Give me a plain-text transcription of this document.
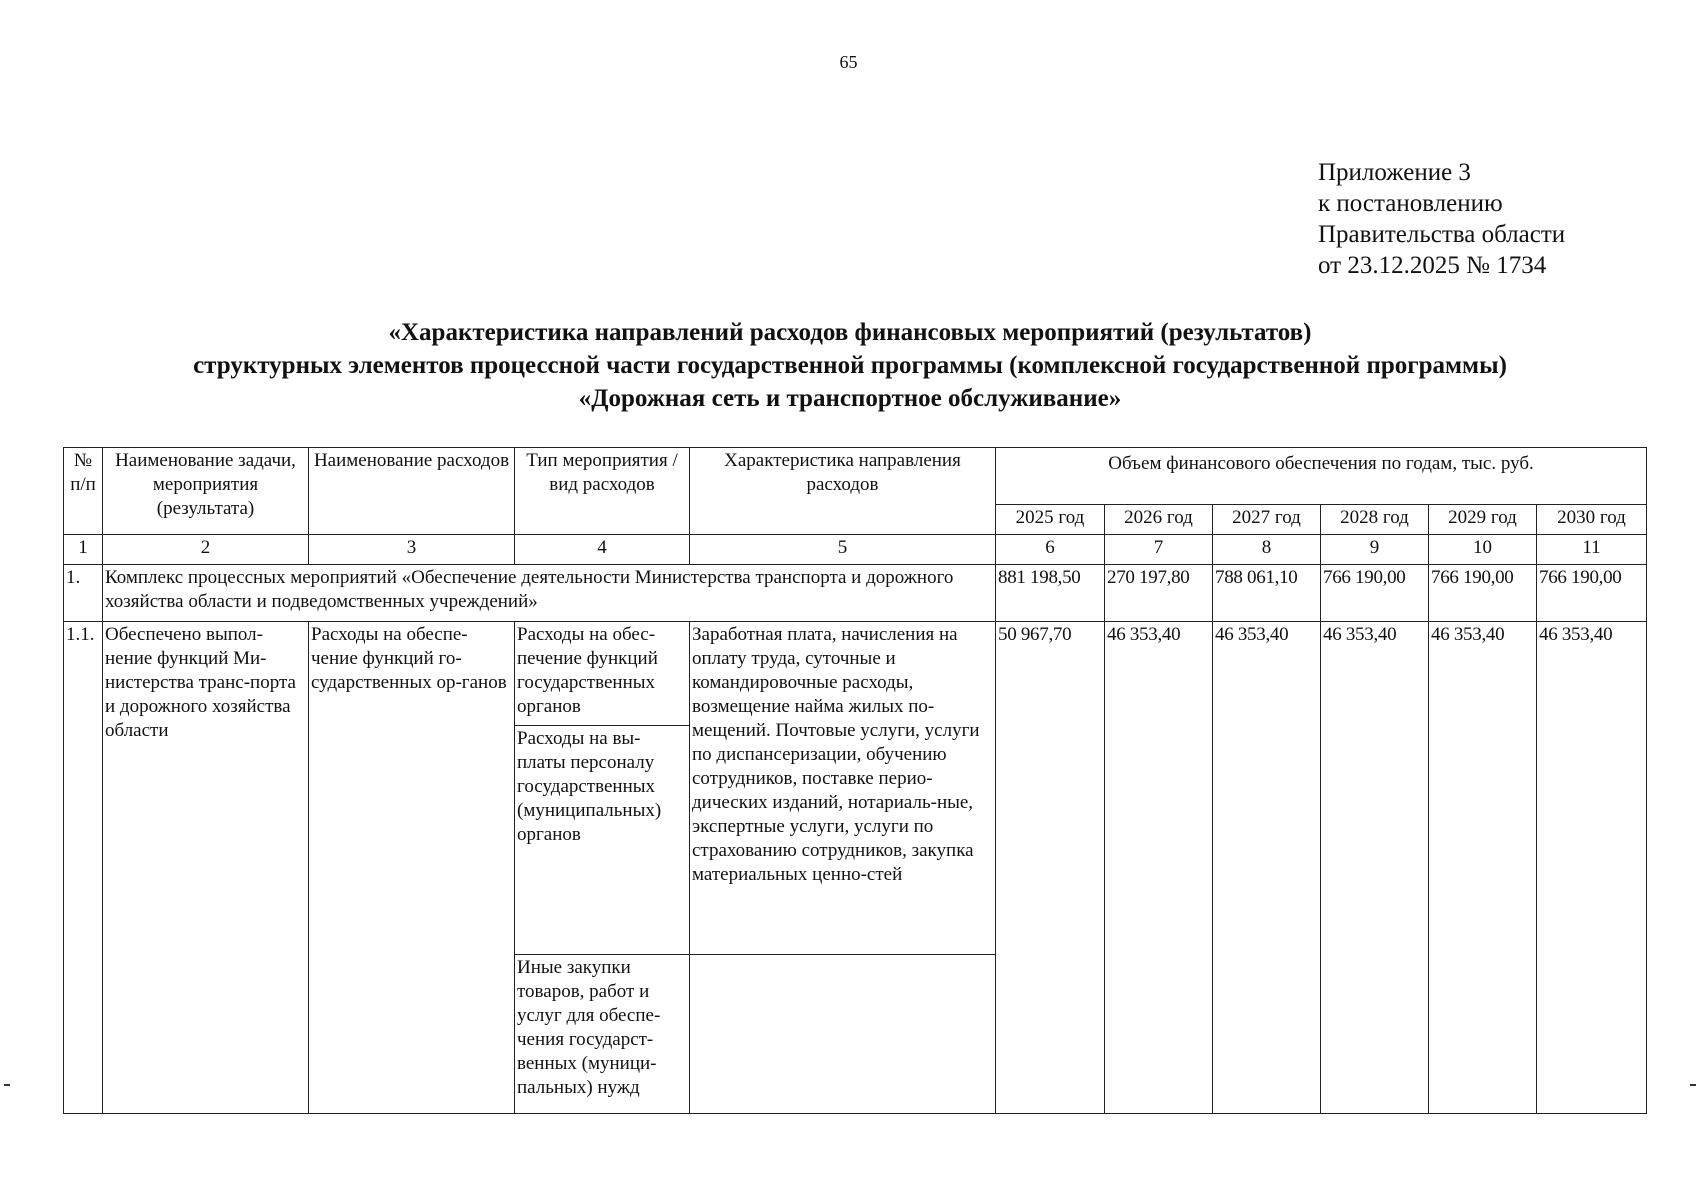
65
Приложение 3
к постановлению
Правительства области
от 23.12.2025 № 1734
«Характеристика направлений расходов финансовых мероприятий (результатов)
структурных элементов процессной части государственной программы (комплексной государственной программы)
«Дорожная сеть и транспортное обслуживание»
№ п/п	Наименование задачи, мероприятия (результата)	Наименование расходов	Тип мероприятия / вид расходов	Характеристика направления расходов	Объем финансового обеспечения по годам, тыс. руб.					
					2025 год	2026 год	2027 год	2028 год	2029 год	2030 год
1	2	3	4	5	6	7	8	9	10	11
1.	Комплекс процессных мероприятий «Обеспечение деятельности Министерства транспорта и дорожного хозяйства области и подведомственных учреждений»				881 198,50	270 197,80	788 061,10	766 190,00	766 190,00	766 190,00
1.1.	Обеспечено выпол-нение функций Ми-нистерства транс-порта и дорожного хозяйства области	Расходы на обеспе-чение функций го-сударственных ор-ганов	Расходы на обес-печение функций государственных органов	Заработная плата, начисления на оплату труда, суточные и командировочные расходы, возмещение найма жилых по-мещений. Почтовые услуги, услуги по диспансеризации, обучению сотрудников, поставке перио-дических изданий, нотариаль-ные, экспертные услуги, услуги по страхованию сотрудников, закупка материальных ценно-стей	50 967,70	46 353,40	46 353,40	46 353,40	46 353,40	46 353,40
			Расходы на вы-платы персоналу государственных (муниципальных) органов							
			Иные закупки товаров, работ и услуг для обеспе-чения государст-венных (муници-пальных) нужд							
